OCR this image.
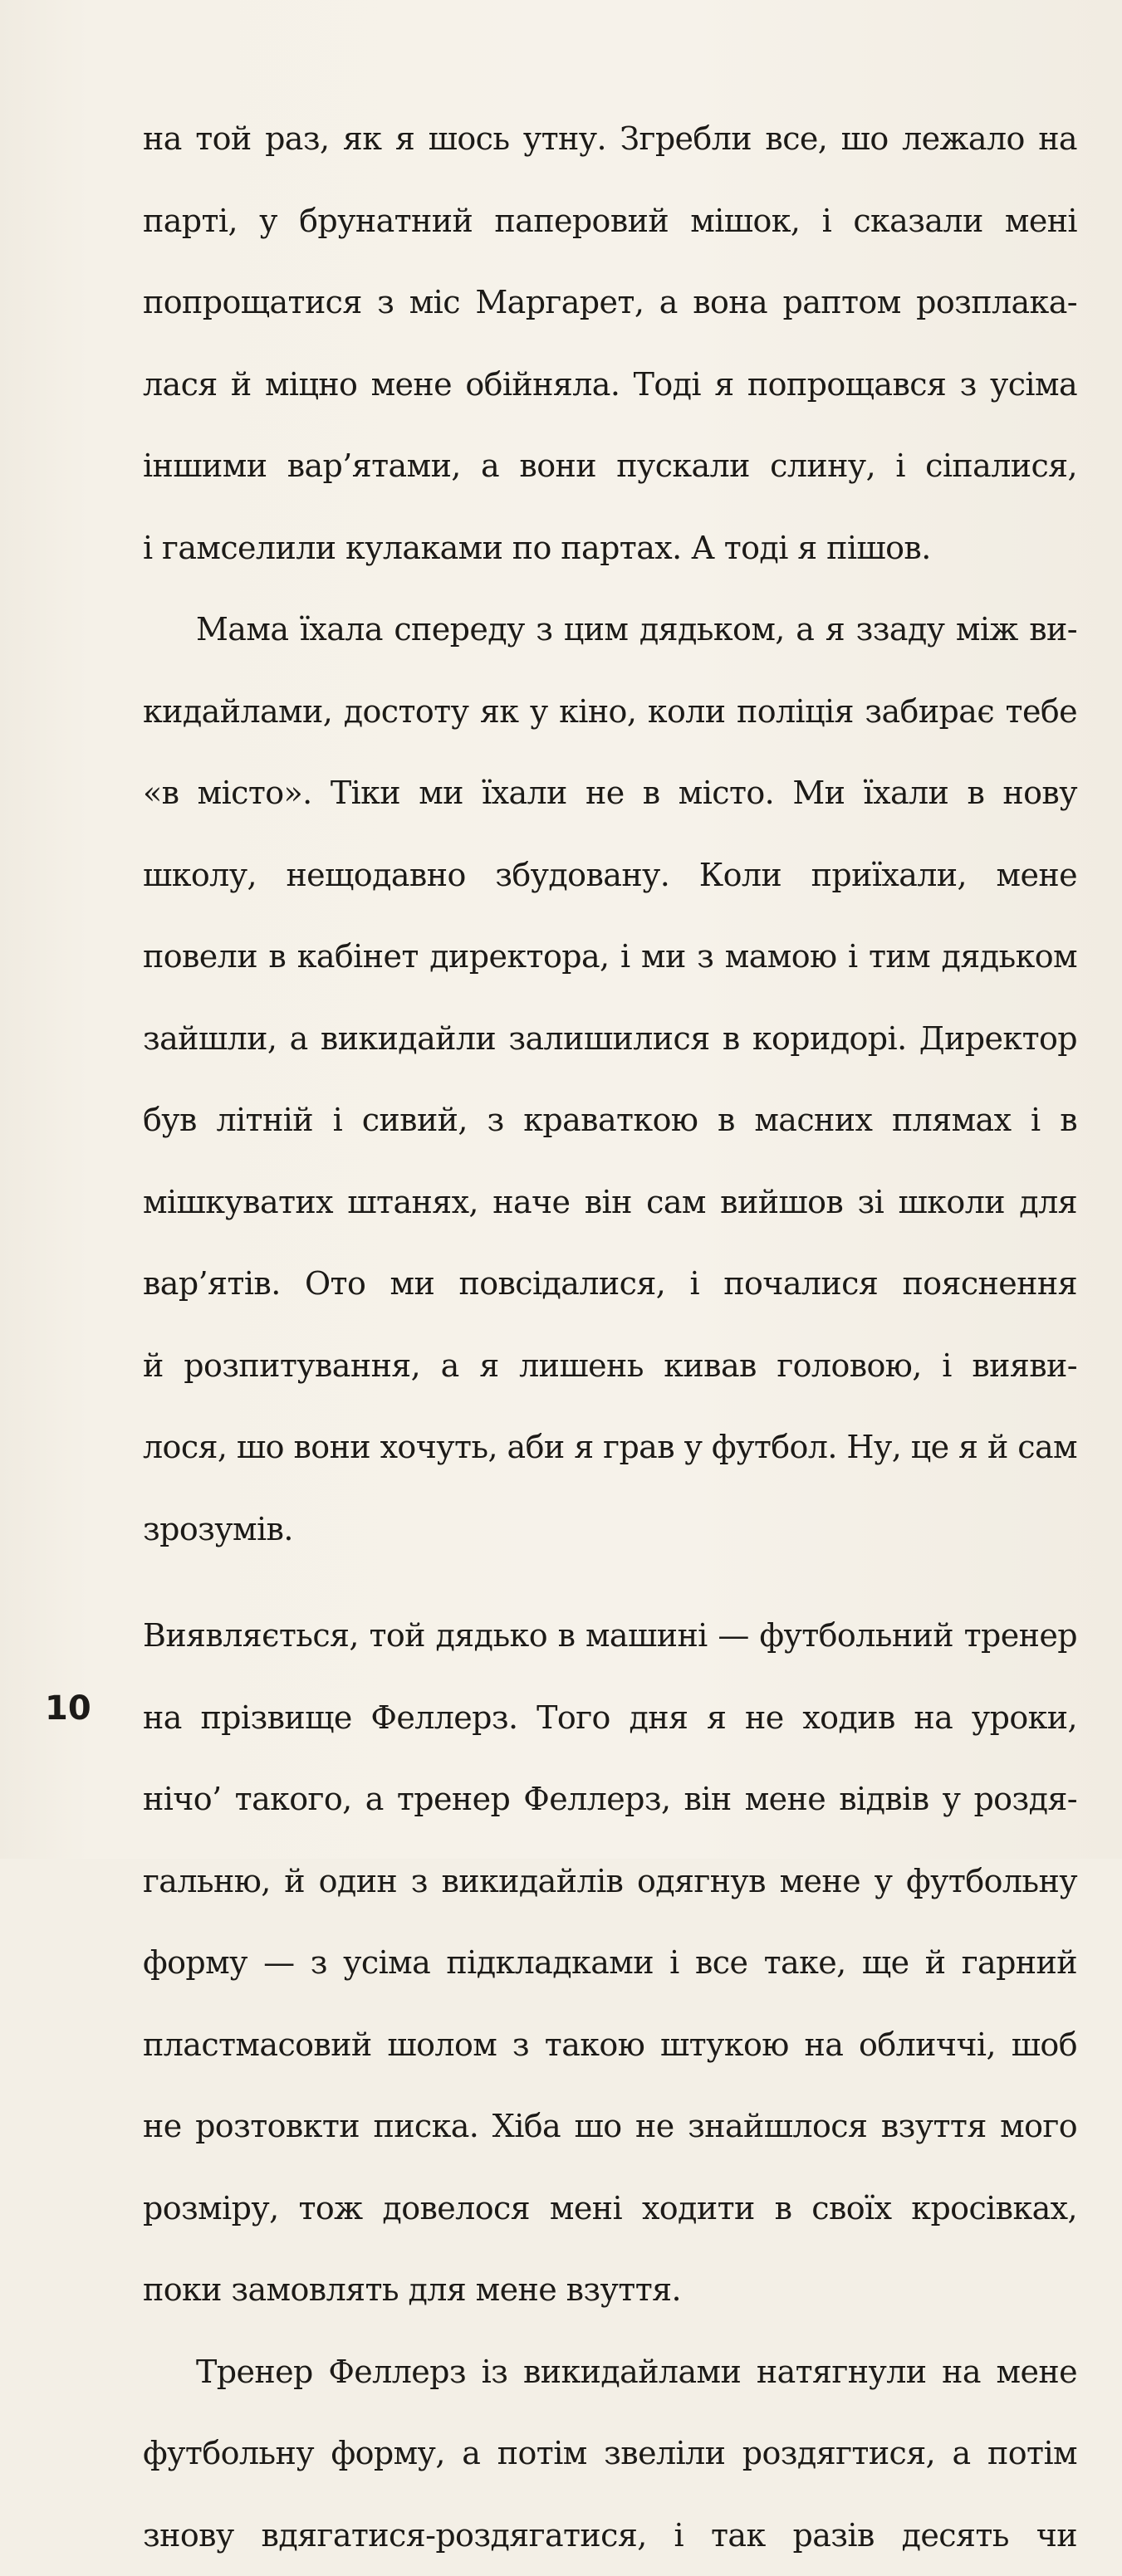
на той раз, як я шось утну. Згребли все, шо лежало на
парті, у брунатний паперовий мішок, і сказали мені
попрощатися з міс Маргарет, а вона раптом розплака-
лася й міцно мене обійняла. Тоді я попрощався з усіма
іншими вар’ятами, а вони пускали слину, і сіпалися,
і гамселили кулаками по партах. А тоді я пішов.
Мама їхала спереду з цим дядьком, а я ззаду між ви-
кидайлами, достоту як у кіно, коли поліція забирає тебе
«в місто». Тіки ми їхали не в місто. Ми їхали в нову
школу, нещодавно збудовану. Коли приїхали, мене
повели в кабінет директора, і ми з мамою і тим дядьком
зайшли, а викидайли залишилися в коридорі. Директор
був літній і сивий, з краваткою в масних плямах і в
мішкуватих штанях, наче він сам вийшов зі школи для
вар’ятів. Ото ми повсідалися, і почалися пояснення
й розпитування, а я лишень кивав головою, і вияви-
лося, шо вони хочуть, аби я грав у футбол. Ну, це я й сам
зрозумів.
Виявляється, той дядько в машині — футбольний тренер
на прізвище Феллерз. Того дня я не ходив на уроки,
нічо’ такого, а тренер Феллерз, він мене відвів у роздя-
гальню, й один з викидайлів одягнув мене у футбольну
форму — з усіма підкладками і все таке, ще й гарний
пластмасовий шолом з такою штукою на обличчі, шоб
не розтовкти писка. Хіба шо не знайшлося взуття мого
розміру, тож довелося мені ходити в своїх кросівках,
поки замовлять для мене взуття.
Тренер Феллерз із викидайлами натягнули на мене
футбольну форму, а потім звеліли роздягтися, а потім
знову вдягатися-роздягатися, і так разів десять чи
10
